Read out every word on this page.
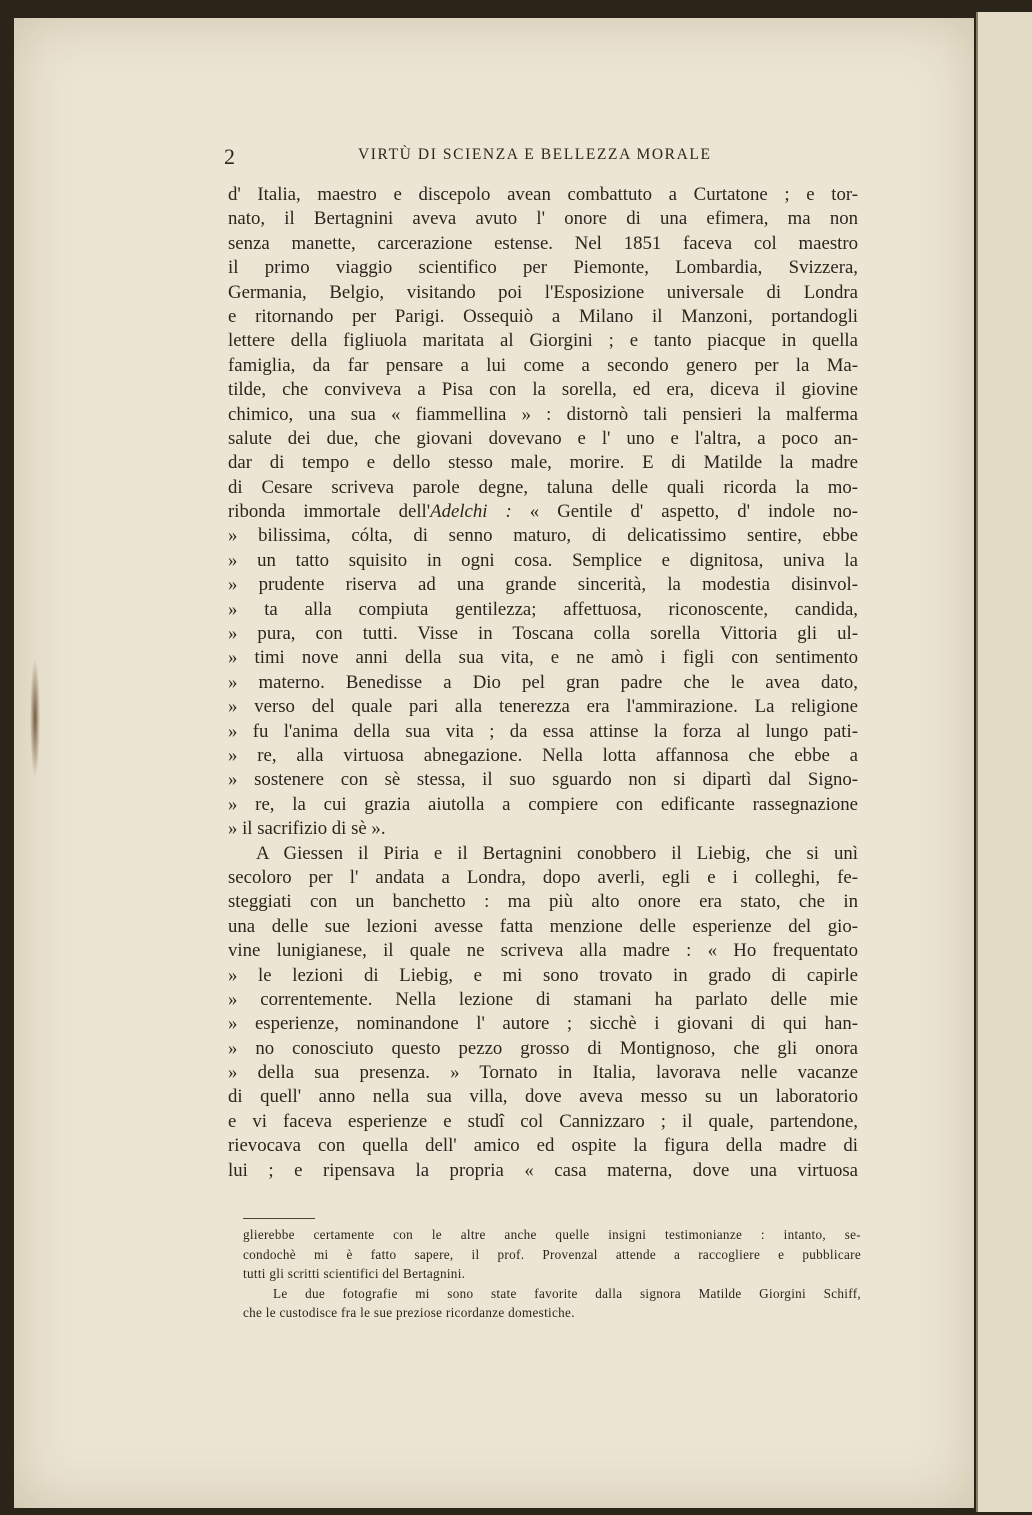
2	VIRTÙ DI SCIENZA E BELLEZZA MORALE
d' Italia, maestro e discepolo avean combattuto a Curtatone ; e tor-
nato, il Bertagnini aveva avuto l' onore di una efimera, ma non
senza manette, carcerazione estense. Nel 1851 faceva col maestro
il primo viaggio scientifico per Piemonte, Lombardia, Svizzera,
Germania, Belgio, visitando poi l'Esposizione universale di Londra
e ritornando per Parigi. Ossequiò a Milano il Manzoni, portandogli
lettere della figliuola maritata al Giorgini ; e tanto piacque in quella
famiglia, da far pensare a lui come a secondo genero per la Ma-
tilde, che conviveva a Pisa con la sorella, ed era, diceva il giovine
chimico, una sua « fiammellina » : distornò tali pensieri la malferma
salute dei due, che giovani dovevano e l' uno e l'altra, a poco an-
dar di tempo e dello stesso male, morire. E di Matilde la madre
di Cesare scriveva parole degne, taluna delle quali ricorda la mo-
ribonda immortale dell'Adelchi : « Gentile d' aspetto, d' indole no-
» bilissima, cólta, di senno maturo, di delicatissimo sentire, ebbe
» un tatto squisito in ogni cosa. Semplice e dignitosa, univa la
» prudente riserva ad una grande sincerità, la modestia disinvol-
» ta alla compiuta gentilezza; affettuosa, riconoscente, candida,
» pura, con tutti. Visse in Toscana colla sorella Vittoria gli ul-
» timi nove anni della sua vita, e ne amò i figli con sentimento
» materno. Benedisse a Dio pel gran padre che le avea dato,
» verso del quale pari alla tenerezza era l'ammirazione. La religione
» fu l'anima della sua vita ; da essa attinse la forza al lungo pati-
» re, alla virtuosa abnegazione. Nella lotta affannosa che ebbe a
» sostenere con sè stessa, il suo sguardo non si dipartì dal Signo-
» re, la cui grazia aiutolla a compiere con edificante rassegnazione
» il sacrifizio di sè ».
A Giessen il Piria e il Bertagnini conobbero il Liebig, che si unì
secoloro per l' andata a Londra, dopo averli, egli e i colleghi, fe-
steggiati con un banchetto : ma più alto onore era stato, che in
una delle sue lezioni avesse fatta menzione delle esperienze del gio-
vine lunigianese, il quale ne scriveva alla madre : « Ho frequentato
» le lezioni di Liebig, e mi sono trovato in grado di capirle
» correntemente. Nella lezione di stamani ha parlato delle mie
» esperienze, nominandone l' autore ; sicchè i giovani di qui han-
» no conosciuto questo pezzo grosso di Montignoso, che gli onora
» della sua presenza. » Tornato in Italia, lavorava nelle vacanze
di quell' anno nella sua villa, dove aveva messo su un laboratorio
e vi faceva esperienze e studî col Cannizzaro ; il quale, partendone,
rievocava con quella dell' amico ed ospite la figura della madre di
lui ; e ripensava la propria « casa materna, dove una virtuosa
glierebbe certamente con le altre anche quelle insigni testimonianze : intanto, se-
condochè mi è fatto sapere, il prof. Provenzal attende a raccogliere e pubblicare
tutti gli scritti scientifici del Bertagnini.
Le due fotografie mi sono state favorite dalla signora Matilde Giorgini Schiff,
che le custodisce fra le sue preziose ricordanze domestiche.
